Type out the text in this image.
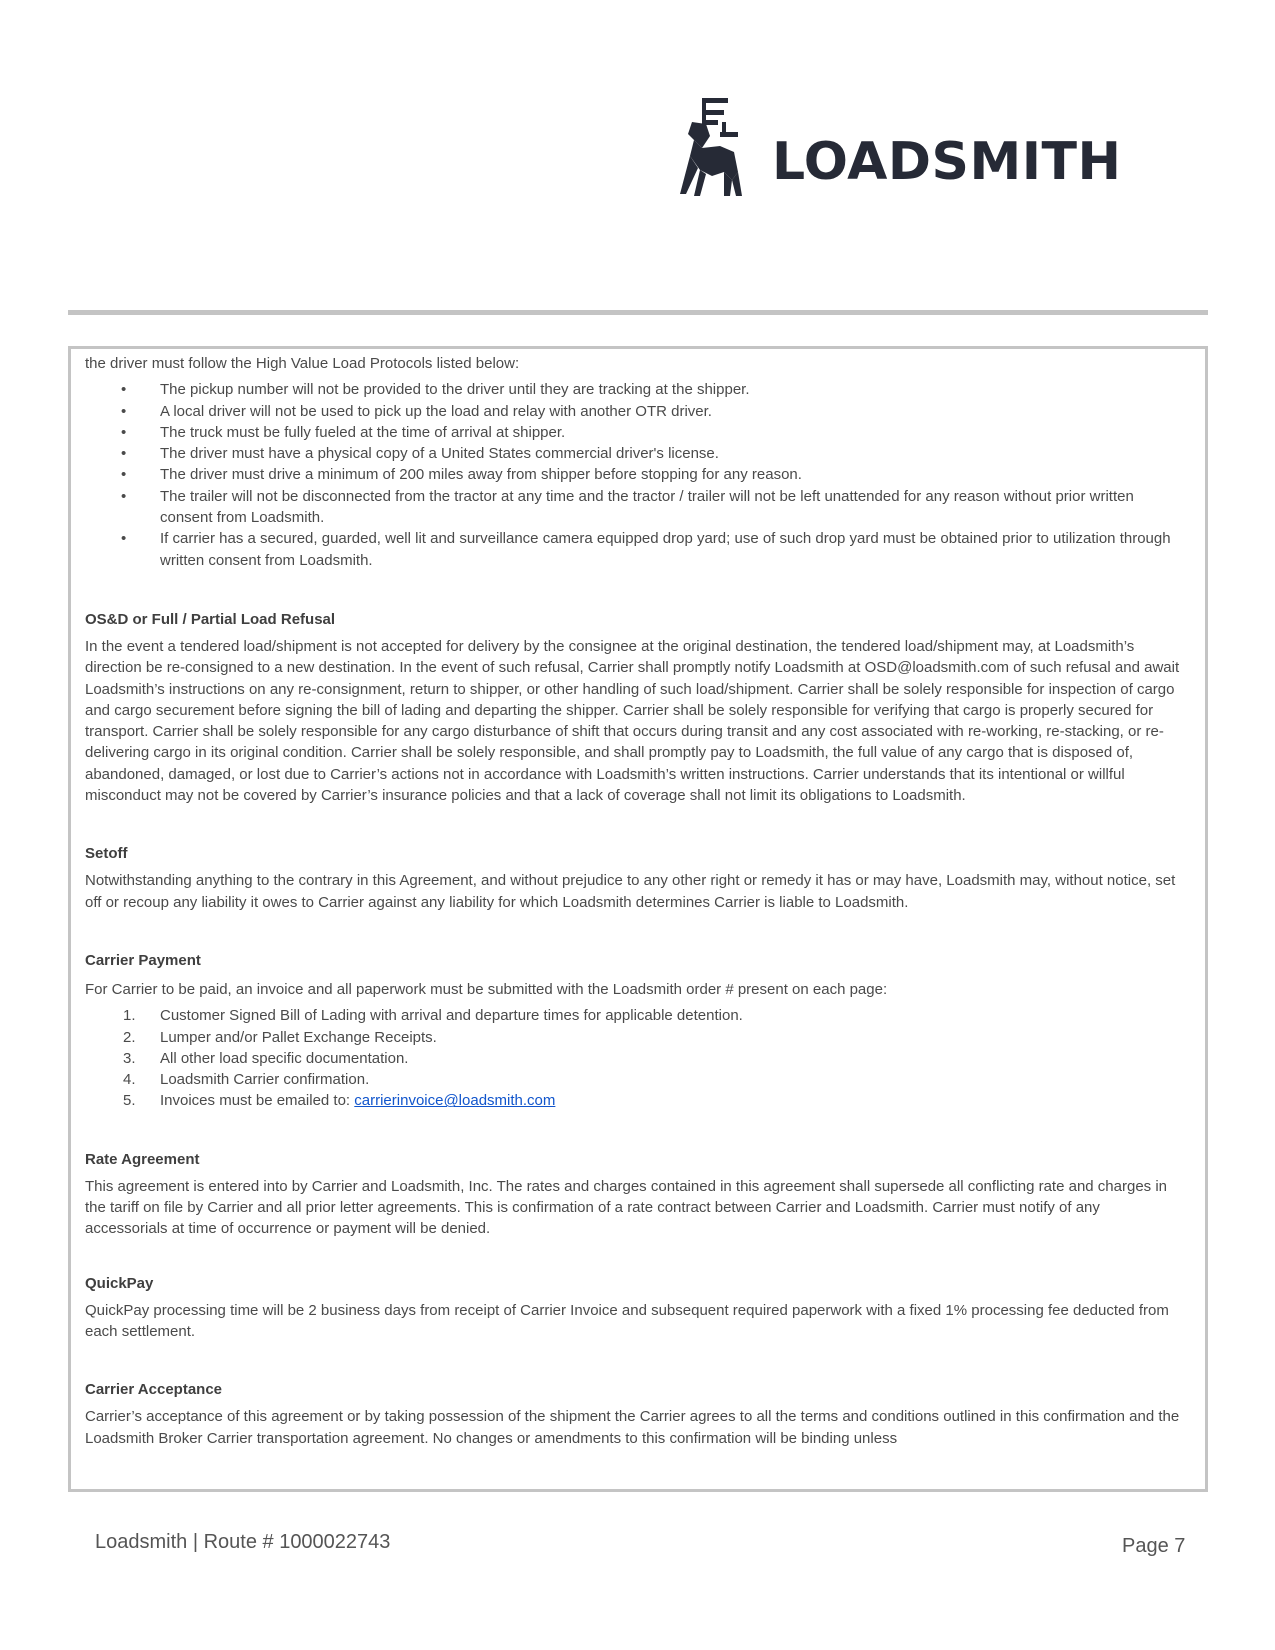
LOADSMITH

the driver must follow the High Value Load Protocols listed below:

• The pickup number will not be provided to the driver until they are tracking at the shipper.
• A local driver will not be used to pick up the load and relay with another OTR driver.
• The truck must be fully fueled at the time of arrival at shipper.
• The driver must have a physical copy of a United States commercial driver's license.
• The driver must drive a minimum of 200 miles away from shipper before stopping for any reason.
• The trailer will not be disconnected from the tractor at any time and the tractor / trailer will not be left unattended for any reason without prior written consent from Loadsmith.
• If carrier has a secured, guarded, well lit and surveillance camera equipped drop yard; use of such drop yard must be obtained prior to utilization through written consent from Loadsmith.
OS&D or Full / Partial Load Refusal

In the event a tendered load/shipment is not accepted for delivery by the consignee at the original destination, the tendered load/shipment may, at Loadsmith’s direction be re-consigned to a new destination. In the event of such refusal, Carrier shall promptly notify Loadsmith at OSD@loadsmith.com of such refusal and await Loadsmith’s instructions on any re-consignment, return to shipper, or other handling of such load/shipment. Carrier shall be solely responsible for inspection of cargo and cargo securement before signing the bill of lading and departing the shipper. Carrier shall be solely responsible for verifying that cargo is properly secured for transport. Carrier shall be solely responsible for any cargo disturbance of shift that occurs during transit and any cost associated with re-working, re-stacking, or re-delivering cargo in its original condition. Carrier shall be solely responsible, and shall promptly pay to Loadsmith, the full value of any cargo that is disposed of, abandoned, damaged, or lost due to Carrier’s actions not in accordance with Loadsmith’s written instructions. Carrier understands that its intentional or willful misconduct may not be covered by Carrier’s insurance policies and that a lack of coverage shall not limit its obligations to Loadsmith.

Setoff

Notwithstanding anything to the contrary in this Agreement, and without prejudice to any other right or remedy it has or may have, Loadsmith may, without notice, set off or recoup any liability it owes to Carrier against any liability for which Loadsmith determines Carrier is liable to Loadsmith.

Carrier Payment

For Carrier to be paid, an invoice and all paperwork must be submitted with the Loadsmith order # present on each page:

1. Customer Signed Bill of Lading with arrival and departure times for applicable detention.
2. Lumper and/or Pallet Exchange Receipts.
3. All other load specific documentation.
4. Loadsmith Carrier confirmation.
5. Invoices must be emailed to: carrierinvoice@loadsmith.com
Rate Agreement

This agreement is entered into by Carrier and Loadsmith, Inc. The rates and charges contained in this agreement shall supersede all conflicting rate and charges in the tariff on file by Carrier and all prior letter agreements. This is confirmation of a rate contract between Carrier and Loadsmith. Carrier must notify of any accessorials at time of occurrence or payment will be denied.

QuickPay

QuickPay processing time will be 2 business days from receipt of Carrier Invoice and subsequent required paperwork with a fixed 1% processing fee deducted from each settlement.

Carrier Acceptance

Carrier’s acceptance of this agreement or by taking possession of the shipment the Carrier agrees to all the terms and conditions outlined in this confirmation and the Loadsmith Broker Carrier transportation agreement. No changes or amendments to this confirmation will be binding unless

Loadsmith | Route # 1000022743	Page 7
